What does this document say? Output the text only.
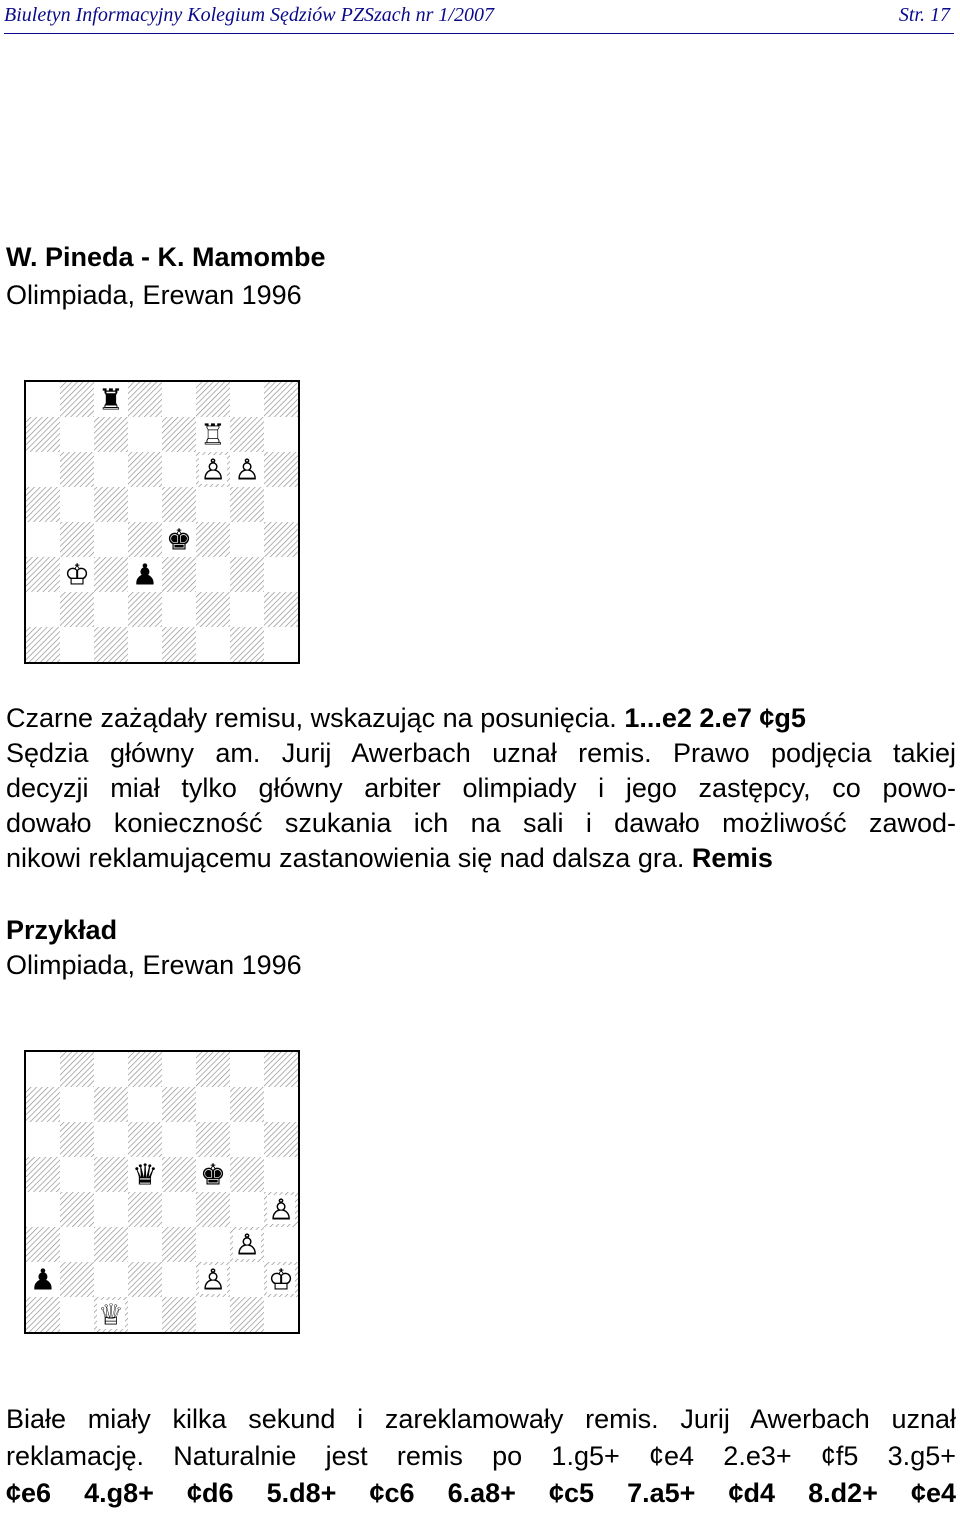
Biuletyn Informacyjny Kolegium Sędziów PZSzach nr 1/2007	Str. 17
W. Pineda - K. Mamombe
Olimpiada, Erewan 1996
♜
♖
♙ ♙
♚
♔ ♟
Czarne zażądały remisu, wskazując na posunięcia. 1...e2 2.e7 ¢g5
Sędzia główny am. Jurij Awerbach uznał remis. Prawo podjęcia takiej
decyzji miał tylko główny arbiter olimpiady i jego zastępcy, co powo-
dowało konieczność szukania ich na sali i dawało możliwość zawod-
nikowi reklamującemu zastanowienia się nad dalsza gra. Remis
Przykład
Olimpiada, Erewan 1996
♛ ♚
♙
♙
♟	♙ ♔
♕
Białe miały kilka sekund i zareklamowały remis. Jurij Awerbach uznał
reklamację. Naturalnie jest remis po 1.g5+ ¢e4 2.e3+ ¢f5 3.g5+
¢e6 4.g8+ ¢d6 5.d8+ ¢c6 6.a8+ ¢c5 7.a5+ ¢d4 8.d2+ ¢e4
